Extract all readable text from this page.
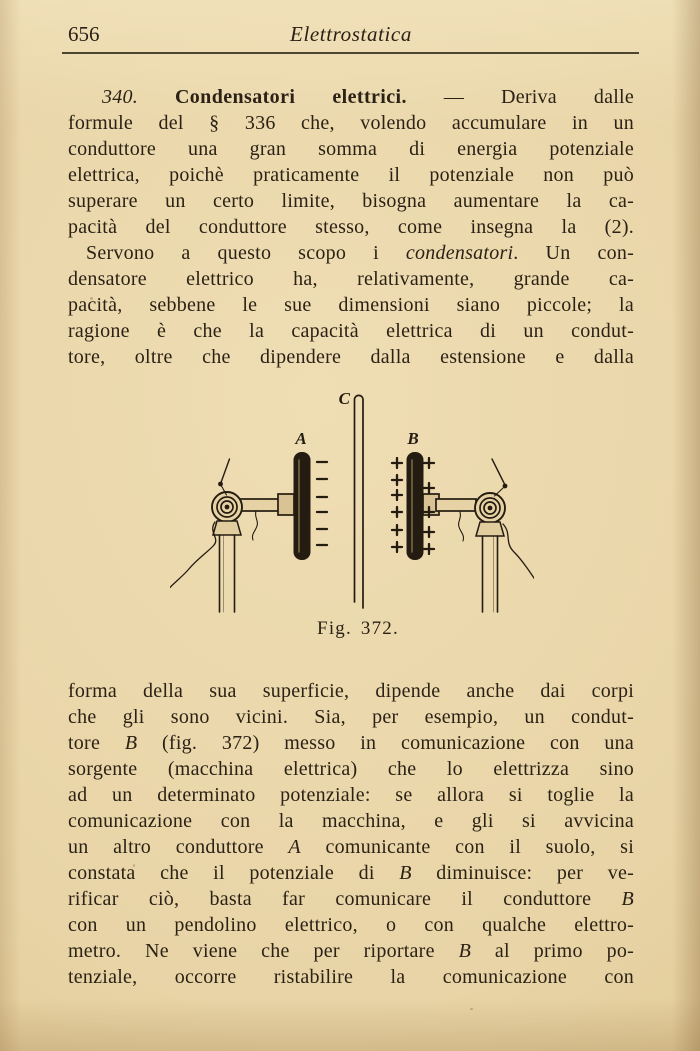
656	Elettrostatica
340. Condensatori elettrici. — Deriva dalle
formule del § 336 che, volendo accumulare in un
conduttore una gran somma di energia potenziale
elettrica, poichè praticamente il potenziale non può
superare un certo limite, bisogna aumentare la ca-
pacità del conduttore stesso, come insegna la (2).
Servono a questo scopo i condensatori. Un con-
densatore elettrico ha, relativamente, grande ca-
pacità, sebbene le sue dimensioni siano piccole; la
ragione è che la capacità elettrica di un condut-
tore, oltre che dipendere dalla estensione e dalla
forma della sua superficie, dipende anche dai corpi
che gli sono vicini. Sia, per esempio, un condut-
tore B (fig. 372) messo in comunicazione con una
sorgente (macchina elettrica) che lo elettrizza sino
ad un determinato potenziale: se allora si toglie la
comunicazione con la macchina, e gli si avvicina
un altro conduttore A comunicante con il suolo, si
constata che il potenziale di B diminuisce: per ve-
rificar ciò, basta far comunicare il conduttore B
con un pendolino elettrico, o con qualche elettro-
metro. Ne viene che per riportare B al primo po-
tenziale, occorre ristabilire la comunicazione con
C
A	B
Fig. 372.
